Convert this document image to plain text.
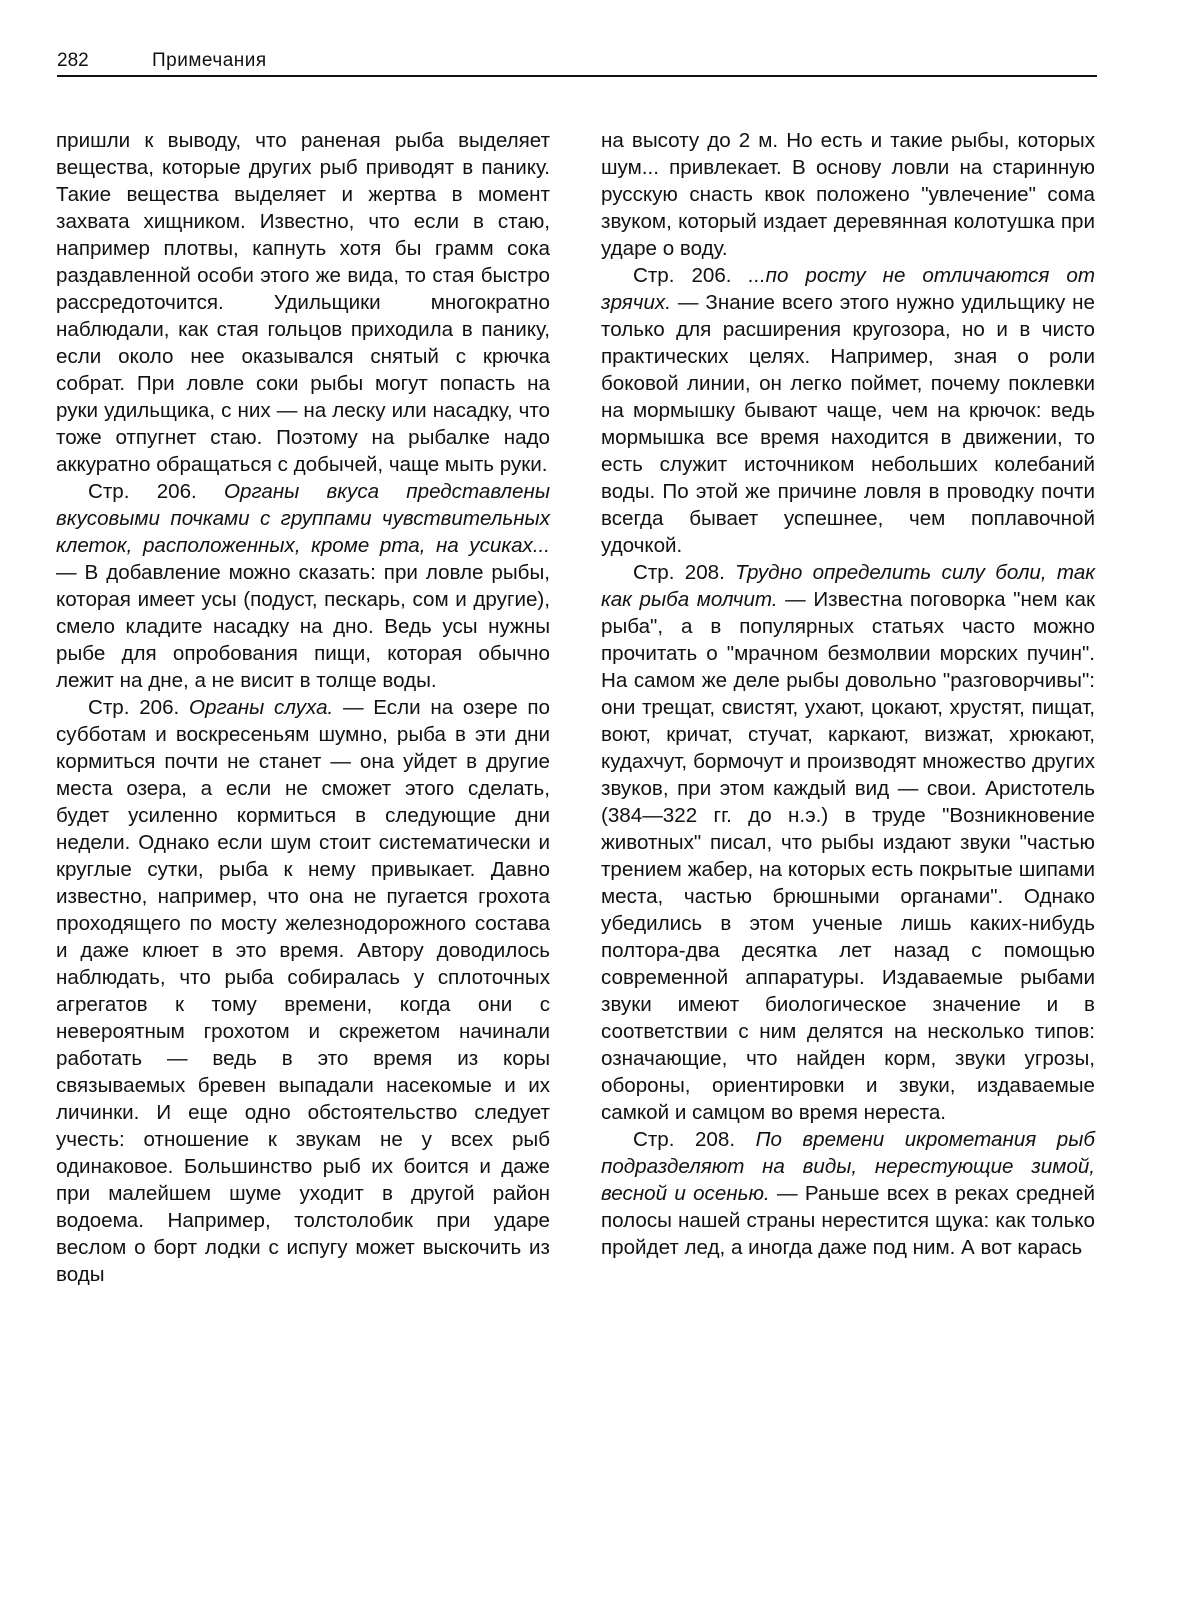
282	Примечания

пришли к выводу, что раненая рыба выделяет вещества, которые других рыб приводят в панику. Такие вещества выделяет и жертва в момент захвата хищником. Известно, что если в стаю, например плотвы, капнуть хотя бы грамм сока раздавленной особи этого же вида, то стая быстро рассредоточится. Удильщики многократно наблюдали, как стая гольцов приходила в панику, если около нее оказывался снятый с крючка собрат. При ловле соки рыбы могут попасть на руки удильщика, с них — на леску или насадку, что тоже отпугнет стаю. Поэтому на рыбалке надо аккуратно обращаться с добычей, чаще мыть руки.

Стр. 206. Органы вкуса представлены вкусовыми почками с группами чувствительных клеток, расположенных, кроме рта, на усиках... — В добавление можно сказать: при ловле рыбы, которая имеет усы (подуст, пескарь, сом и другие), смело кладите насадку на дно. Ведь усы нужны рыбе для опробования пищи, которая обычно лежит на дне, а не висит в толще воды.

Стр. 206. Органы слуха. — Если на озере по субботам и воскресеньям шумно, рыба в эти дни кормиться почти не станет — она уйдет в другие места озера, а если не сможет этого сделать, будет усиленно кормиться в следующие дни недели. Однако если шум стоит систематически и круглые сутки, рыба к нему привыкает. Давно известно, например, что она не пугается грохота проходящего по мосту железнодорожного состава и даже клюет в это время. Автору доводилось наблюдать, что рыба собиралась у сплоточных агрегатов к тому времени, когда они с невероятным грохотом и скрежетом начинали работать — ведь в это время из коры связываемых бревен выпадали насекомые и их личинки. И еще одно обстоятельство следует учесть: отношение к звукам не у всех рыб одинаковое. Большинство рыб их боится и даже при малейшем шуме уходит в другой район водоема. Например, толстолобик при ударе веслом о борт лодки с испугу может выскочить из воды

на высоту до 2 м. Но есть и такие рыбы, которых шум... привлекает. В основу ловли на старинную русскую снасть квок положено "увлечение" сома звуком, который издает деревянная колотушка при ударе о воду.

Стр. 206. ...по росту не отличаются от зрячих. — Знание всего этого нужно удильщику не только для расширения кругозора, но и в чисто практических целях. Например, зная о роли боковой линии, он легко поймет, почему поклевки на мормышку бывают чаще, чем на крючок: ведь мормышка все время находится в движении, то есть служит источником небольших колебаний воды. По этой же причине ловля в проводку почти всегда бывает успешнее, чем поплавочной удочкой.

Стр. 208. Трудно определить силу боли, так как рыба молчит. — Известна поговорка "нем как рыба", а в популярных статьях часто можно прочитать о "мрачном безмолвии морских пучин". На самом же деле рыбы довольно "разговорчивы": они трещат, свистят, ухают, цокают, хрустят, пищат, воют, кричат, стучат, каркают, визжат, хрюкают, кудахчут, бормочут и производят множество других звуков, при этом каждый вид — свои. Аристотель (384—322 гг. до н.э.) в труде "Возникновение животных" писал, что рыбы издают звуки "частью трением жабер, на которых есть покрытые шипами места, частью брюшными органами". Однако убедились в этом ученые лишь каких-нибудь полтора-два десятка лет назад с помощью современной аппаратуры. Издаваемые рыбами звуки имеют биологическое значение и в соответствии с ним делятся на несколько типов: означающие, что найден корм, звуки угрозы, обороны, ориентировки и звуки, издаваемые самкой и самцом во время нереста.

Стр. 208. По времени икрометания рыб подразделяют на виды, нерестующие зимой, весной и осенью. — Раньше всех в реках средней полосы нашей страны нерестится щука: как только пройдет лед, а иногда даже под ним. А вот карась
